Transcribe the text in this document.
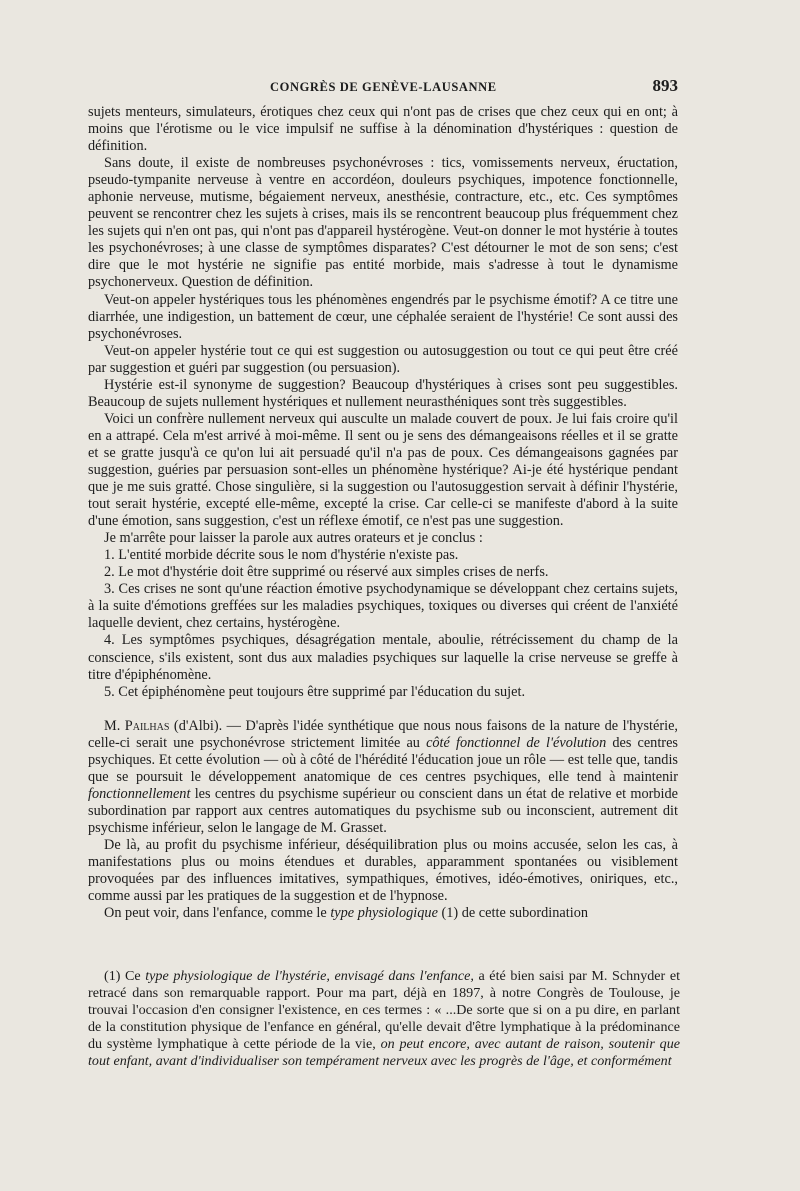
CONGRÈS DE GENÈVE-LAUSANNE	893

sujets menteurs, simulateurs, érotiques chez ceux qui n'ont pas de crises que chez ceux qui en ont; à moins que l'érotisme ou le vice impulsif ne suffise à la dénomination d'hystériques : question de définition.

Sans doute, il existe de nombreuses psychonévroses : tics, vomissements nerveux, éructation, pseudo-tympanite nerveuse à ventre en accordéon, douleurs psychiques, impotence fonctionnelle, aphonie nerveuse, mutisme, bégaiement nerveux, anesthésie, contracture, etc., etc. Ces symptômes peuvent se rencontrer chez les sujets à crises, mais ils se rencontrent beaucoup plus fréquemment chez les sujets qui n'en ont pas, qui n'ont pas d'appareil hystérogène. Veut-on donner le mot hystérie à toutes les psychonévroses; à une classe de symptômes disparates? C'est détourner le mot de son sens; c'est dire que le mot hystérie ne signifie pas entité morbide, mais s'adresse à tout le dynamisme psychonerveux. Question de définition.

Veut-on appeler hystériques tous les phénomènes engendrés par le psychisme émotif? A ce titre une diarrhée, une indigestion, un battement de cœur, une céphalée seraient de l'hystérie! Ce sont aussi des psychonévroses.

Veut-on appeler hystérie tout ce qui est suggestion ou autosuggestion ou tout ce qui peut être créé par suggestion et guéri par suggestion (ou persuasion).

Hystérie est-il synonyme de suggestion? Beaucoup d'hystériques à crises sont peu suggestibles. Beaucoup de sujets nullement hystériques et nullement neurasthéniques sont très suggestibles.

Voici un confrère nullement nerveux qui ausculte un malade couvert de poux. Je lui fais croire qu'il en a attrapé. Cela m'est arrivé à moi-même. Il sent ou je sens des démangeaisons réelles et il se gratte et se gratte jusqu'à ce qu'on lui ait persuadé qu'il n'a pas de poux. Ces démangeaisons gagnées par suggestion, guéries par persuasion sont-elles un phénomène hystérique? Ai-je été hystérique pendant que je me suis gratté. Chose singulière, si la suggestion ou l'autosuggestion servait à définir l'hystérie, tout serait hystérie, excepté elle-même, excepté la crise. Car celle-ci se manifeste d'abord à la suite d'une émotion, sans suggestion, c'est un réflexe émotif, ce n'est pas une suggestion.

Je m'arrête pour laisser la parole aux autres orateurs et je conclus :

1. L'entité morbide décrite sous le nom d'hystérie n'existe pas.

2. Le mot d'hystérie doit être supprimé ou réservé aux simples crises de nerfs.

3. Ces crises ne sont qu'une réaction émotive psychodynamique se développant chez certains sujets, à la suite d'émotions greffées sur les maladies psychiques, toxiques ou diverses qui créent de l'anxiété laquelle devient, chez certains, hystérogène.

4. Les symptômes psychiques, désagrégation mentale, aboulie, rétrécissement du champ de la conscience, s'ils existent, sont dus aux maladies psychiques sur laquelle la crise nerveuse se greffe à titre d'épiphénomène.

5. Cet épiphénomène peut toujours être supprimé par l'éducation du sujet.

M. Pailhas (d'Albi). — D'après l'idée synthétique que nous nous faisons de la nature de l'hystérie, celle-ci serait une psychonévrose strictement limitée au côté fonctionnel de l'évolution des centres psychiques. Et cette évolution — où à côté de l'hérédité l'éducation joue un rôle — est telle que, tandis que se poursuit le développement anatomique de ces centres psychiques, elle tend à maintenir fonctionnellement les centres du psychisme supérieur ou conscient dans un état de relative et morbide subordination par rapport aux centres automatiques du psychisme sub ou inconscient, autrement dit psychisme inférieur, selon le langage de M. Grasset.

De là, au profit du psychisme inférieur, déséquilibration plus ou moins accusée, selon les cas, à manifestations plus ou moins étendues et durables, apparamment spontanées ou visiblement provoquées par des influences imitatives, sympathiques, émotives, idéo-émotives, oniriques, etc., comme aussi par les pratiques de la suggestion et de l'hypnose.

On peut voir, dans l'enfance, comme le type physiologique (1) de cette subordination

(1) Ce type physiologique de l'hystérie, envisagé dans l'enfance, a été bien saisi par M. Schnyder et retracé dans son remarquable rapport. Pour ma part, déjà en 1897, à notre Congrès de Toulouse, je trouvai l'occasion d'en consigner l'existence, en ces termes : « ...De sorte que si on a pu dire, en parlant de la constitution physique de l'enfance en général, qu'elle devait d'être lymphatique à la prédominance du système lymphatique à cette période de la vie, on peut encore, avec autant de raison, soutenir que tout enfant, avant d'individualiser son tempérament nerveux avec les progrès de l'âge, et conformément
